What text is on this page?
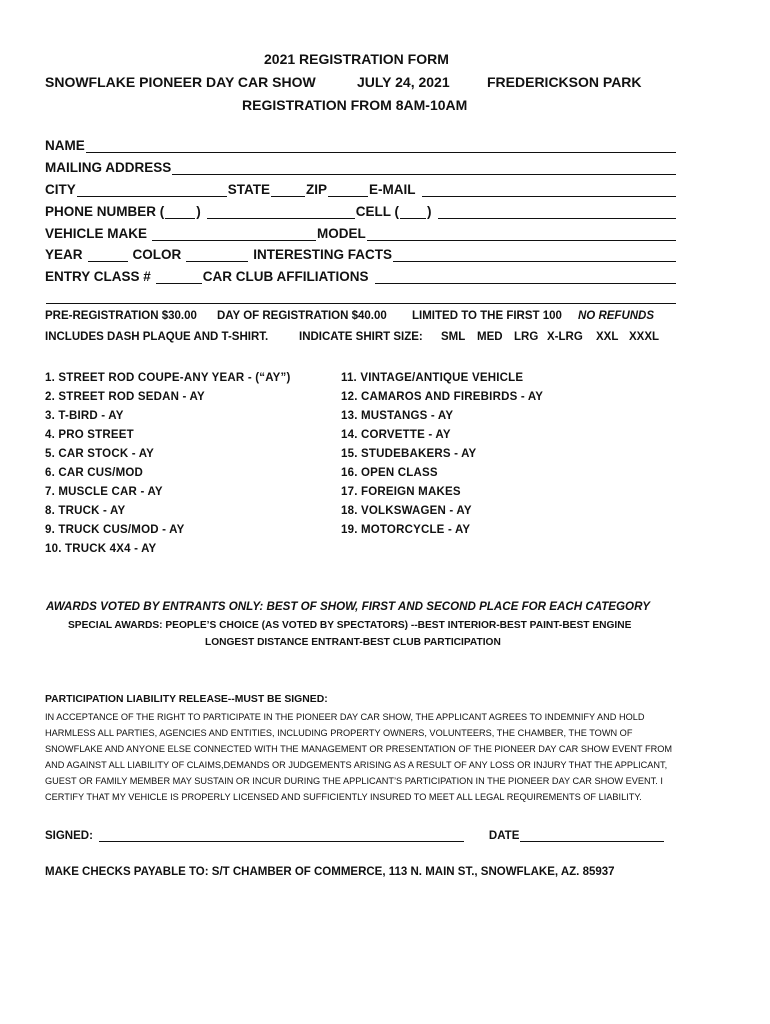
2021 REGISTRATION FORM
SNOWFLAKE PIONEER DAY CAR SHOW	JULY 24, 2021	FREDERICKSON PARK
REGISTRATION FROM 8AM-10AM
NAME
MAILING ADDRESS
CITY	STATE	ZIP	E-MAIL
PHONE NUMBER ( )	CELL ( )
VEHICLE MAKE	MODEL
YEAR	COLOR	INTERESTING FACTS
ENTRY CLASS #	CAR CLUB AFFILIATIONS
PRE-REGISTRATION $30.00 DAY OF REGISTRATION $40.00 LIMITED TO THE FIRST 100 NO REFUNDS
INCLUDES DASH PLAQUE AND T-SHIRT.	INDICATE SHIRT SIZE: SML MED LRG X-LRG XXL XXXL
1. STREET ROD COUPE-ANY YEAR - (“AY”)
2. STREET ROD SEDAN - AY
3. T-BIRD - AY
4. PRO STREET
5. CAR STOCK - AY
6. CAR CUS/MOD
7. MUSCLE CAR - AY
8. TRUCK - AY
9. TRUCK CUS/MOD - AY
10. TRUCK 4X4 - AY
11. VINTAGE/ANTIQUE VEHICLE
12. CAMAROS AND FIREBIRDS - AY
13. MUSTANGS - AY
14. CORVETTE - AY
15. STUDEBAKERS - AY
16. OPEN CLASS
17. FOREIGN MAKES
18. VOLKSWAGEN - AY
19. MOTORCYCLE - AY
AWARDS VOTED BY ENTRANTS ONLY: BEST OF SHOW, FIRST AND SECOND PLACE FOR EACH CATEGORY
SPECIAL AWARDS: PEOPLE’S CHOICE (AS VOTED BY SPECTATORS) --BEST INTERIOR-BEST PAINT-BEST ENGINE
LONGEST DISTANCE ENTRANT-BEST CLUB PARTICIPATION
PARTICIPATION LIABILITY RELEASE--MUST BE SIGNED:
IN ACCEPTANCE OF THE RIGHT TO PARTICIPATE IN THE PIONEER DAY CAR SHOW, THE APPLICANT AGREES TO INDEMNIFY AND HOLD
HARMLESS ALL PARTIES, AGENCIES AND ENTITIES, INCLUDING PROPERTY OWNERS, VOLUNTEERS, THE CHAMBER, THE TOWN OF
SNOWFLAKE AND ANYONE ELSE CONNECTED WITH THE MANAGEMENT OR PRESENTATION OF THE PIONEER DAY CAR SHOW EVENT FROM
AND AGAINST ALL LIABILITY OF CLAIMS,DEMANDS OR JUDGEMENTS ARISING AS A RESULT OF ANY LOSS OR INJURY THAT THE APPLICANT,
GUEST OR FAMILY MEMBER MAY SUSTAIN OR INCUR DURING THE APPLICANT’S PARTICIPATION IN THE PIONEER DAY CAR SHOW EVENT. I
CERTIFY THAT MY VEHICLE IS PROPERLY LICENSED AND SUFFICIENTLY INSURED TO MEET ALL LEGAL REQUIREMENTS OF LIABILITY.
SIGNED:	DATE
MAKE CHECKS PAYABLE TO: S/T CHAMBER OF COMMERCE, 113 N. MAIN ST., SNOWFLAKE, AZ. 85937
